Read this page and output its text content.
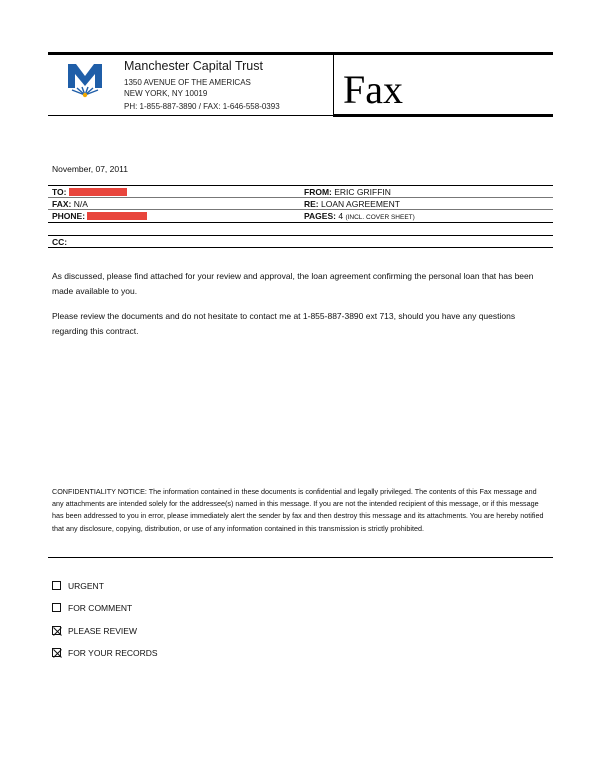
Manchester Capital Trust
1350 AVENUE OF THE AMERICAS
NEW YORK, NY 10019
PH: 1-855-887-3890 / FAX: 1-646-558-0393 Fax
November, 07, 2011
TO:	FROM: ERIC GRIFFIN
FAX: N/A	RE: LOAN AGREEMENT
PHONE:	PAGES: 4 (INCL. COVER SHEET)
CC:
As discussed, please find attached for your review and approval, the loan agreement confirming the personal loan that has been made available to you.
Please review the documents and do not hesitate to contact me at 1-855-887-3890 ext 713, should you have any questions regarding this contract.
CONFIDENTIALITY NOTICE: The information contained in these documents is confidential and legally privileged. The contents of this Fax message and any attachments are intended solely for the addressee(s) named in this message. If you are not the intended recipient of this message, or if this message has been addressed to you in error, please immediately alert the sender by fax and then destroy this message and its attachments. You are hereby notified that any disclosure, copying, distribution, or use of any information contained in this transmission is strictly prohibited.
URGENT
FOR COMMENT
PLEASE REVIEW
FOR YOUR RECORDS
